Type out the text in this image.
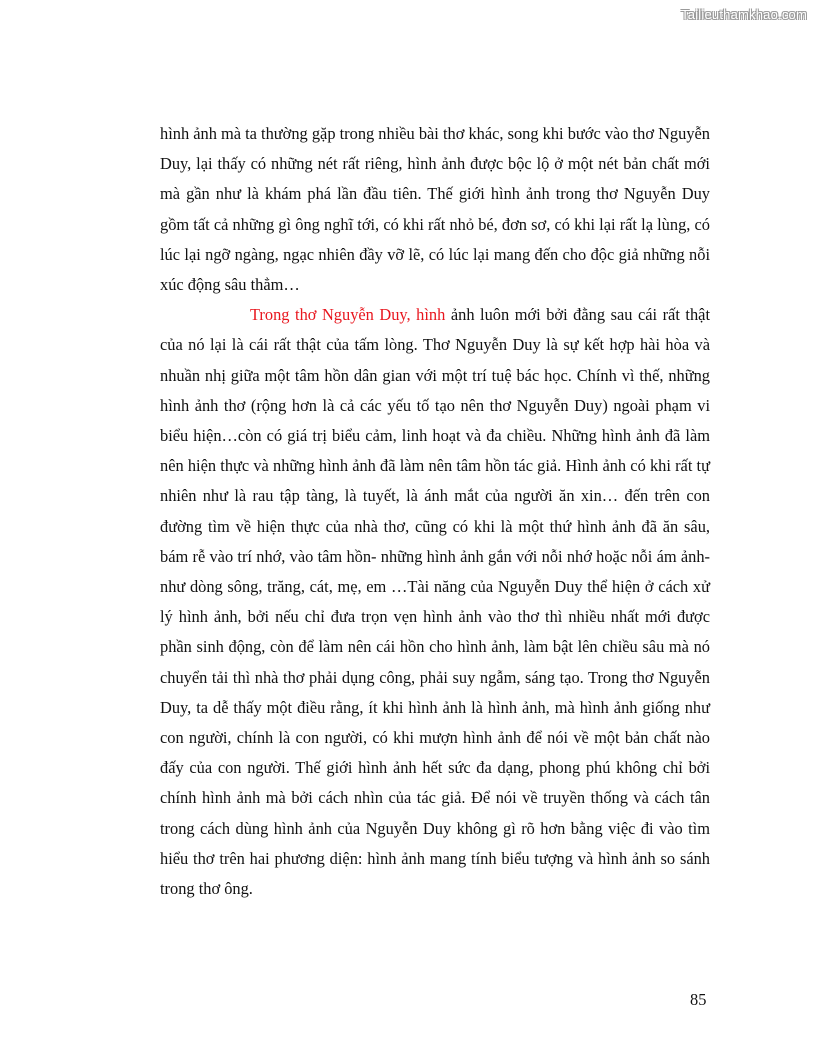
Tailieuthamkhao.com

hình ảnh mà ta thường gặp trong nhiều bài thơ khác, song khi bước vào thơ Nguyễn Duy, lại thấy có những nét rất riêng, hình ảnh được bộc lộ ở một nét bản chất mới mà gần như là khám phá lần đầu tiên. Thế giới hình ảnh trong thơ Nguyễn Duy gồm tất cả những gì ông nghĩ tới, có khi rất nhỏ bé, đơn sơ, có khi lại rất lạ lùng, có lúc lại ngỡ ngàng, ngạc nhiên đầy vỡ lẽ, có lúc lại mang đến cho độc giả những nỗi xúc động sâu thẳm…

Trong thơ Nguyễn Duy, hình ảnh luôn mới bởi đằng sau cái rất thật của nó lại là cái rất thật của tấm lòng. Thơ Nguyễn Duy là sự kết hợp hài hòa và nhuần nhị giữa một tâm hồn dân gian với một trí tuệ bác học. Chính vì thế, những hình ảnh thơ (rộng hơn là cả các yếu tố tạo nên thơ Nguyễn Duy) ngoài phạm vi biểu hiện…còn có giá trị biểu cảm, linh hoạt và đa chiều. Những hình ảnh đã làm nên hiện thực và những hình ảnh đã làm nên tâm hồn tác giả. Hình ảnh có khi rất tự nhiên như là rau tập tàng, là tuyết, là ánh mắt của người ăn xin… đến trên con đường tìm về hiện thực của nhà thơ, cũng có khi là một thứ hình ảnh đã ăn sâu, bám rễ vào trí nhớ, vào tâm hồn- những hình ảnh gắn với nỗi nhớ hoặc nỗi ám ảnh- như dòng sông, trăng, cát, mẹ, em …Tài năng của Nguyễn Duy thể hiện ở cách xử lý hình ảnh, bởi nếu chỉ đưa trọn vẹn hình ảnh vào thơ thì nhiều nhất mới được phần sinh động, còn để làm nên cái hồn cho hình ảnh, làm bật lên chiều sâu mà nó chuyển tải thì nhà thơ phải dụng công, phải suy ngẫm, sáng tạo. Trong thơ Nguyễn Duy, ta dễ thấy một điều rằng, ít khi hình ảnh là hình ảnh, mà hình ảnh giống như con người, chính là con người, có khi mượn hình ảnh để nói về một bản chất nào đấy của con người. Thế giới hình ảnh hết sức đa dạng, phong phú không chỉ bởi chính hình ảnh mà bởi cách nhìn của tác giả. Để nói về truyền thống và cách tân trong cách dùng hình ảnh của Nguyễn Duy không gì rõ hơn bằng việc đi vào tìm hiểu thơ trên hai phương diện: hình ảnh mang tính biểu tượng và hình ảnh so sánh trong thơ ông.

85
